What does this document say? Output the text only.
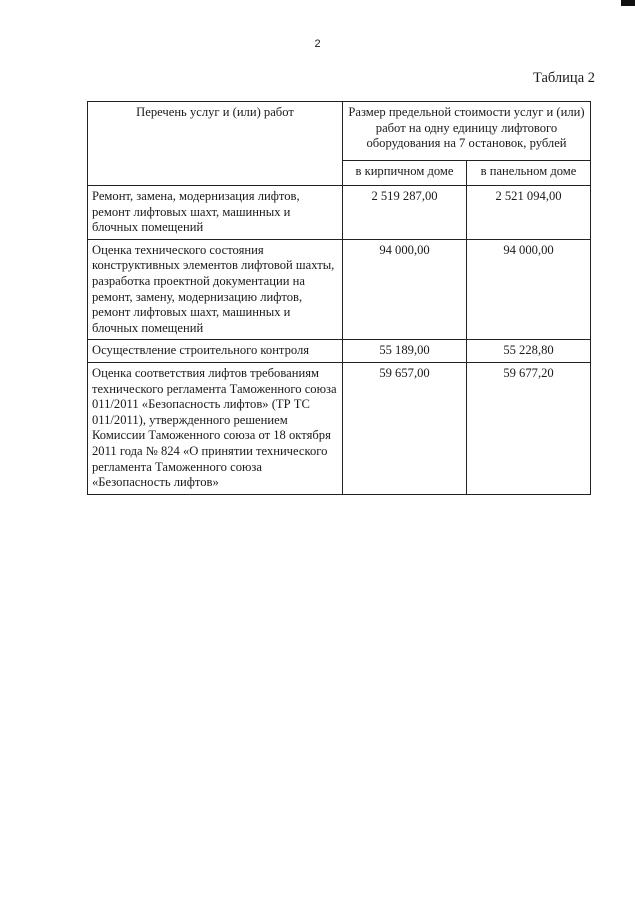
2
Таблица 2
Перечень услуг и (или) работ	Размер предельной стоимости услуг и (или) работ на одну единицу лифтового оборудования на 7 остановок, рублей	
	в кирпичном доме	в панельном доме
Ремонт, замена, модернизация лифтов, ремонт лифтовых шахт, машинных и блочных помещений	2 519 287,00	2 521 094,00
Оценка технического состояния конструктивных элементов лифтовой шахты, разработка проектной документации на ремонт, замену, модернизацию лифтов, ремонт лифтовых шахт, машинных и блочных помещений	94 000,00	94 000,00
Осуществление строительного контроля	55 189,00	55 228,80
Оценка соответствия лифтов требованиям технического регламента Таможенного союза 011/2011 «Безопасность лифтов» (ТР ТС 011/2011), утвержденного решением Комиссии Таможенного союза от 18 октября 2011 года № 824 «О принятии технического регламента Таможенного союза «Безопасность лифтов»	59 657,00	59 677,20
